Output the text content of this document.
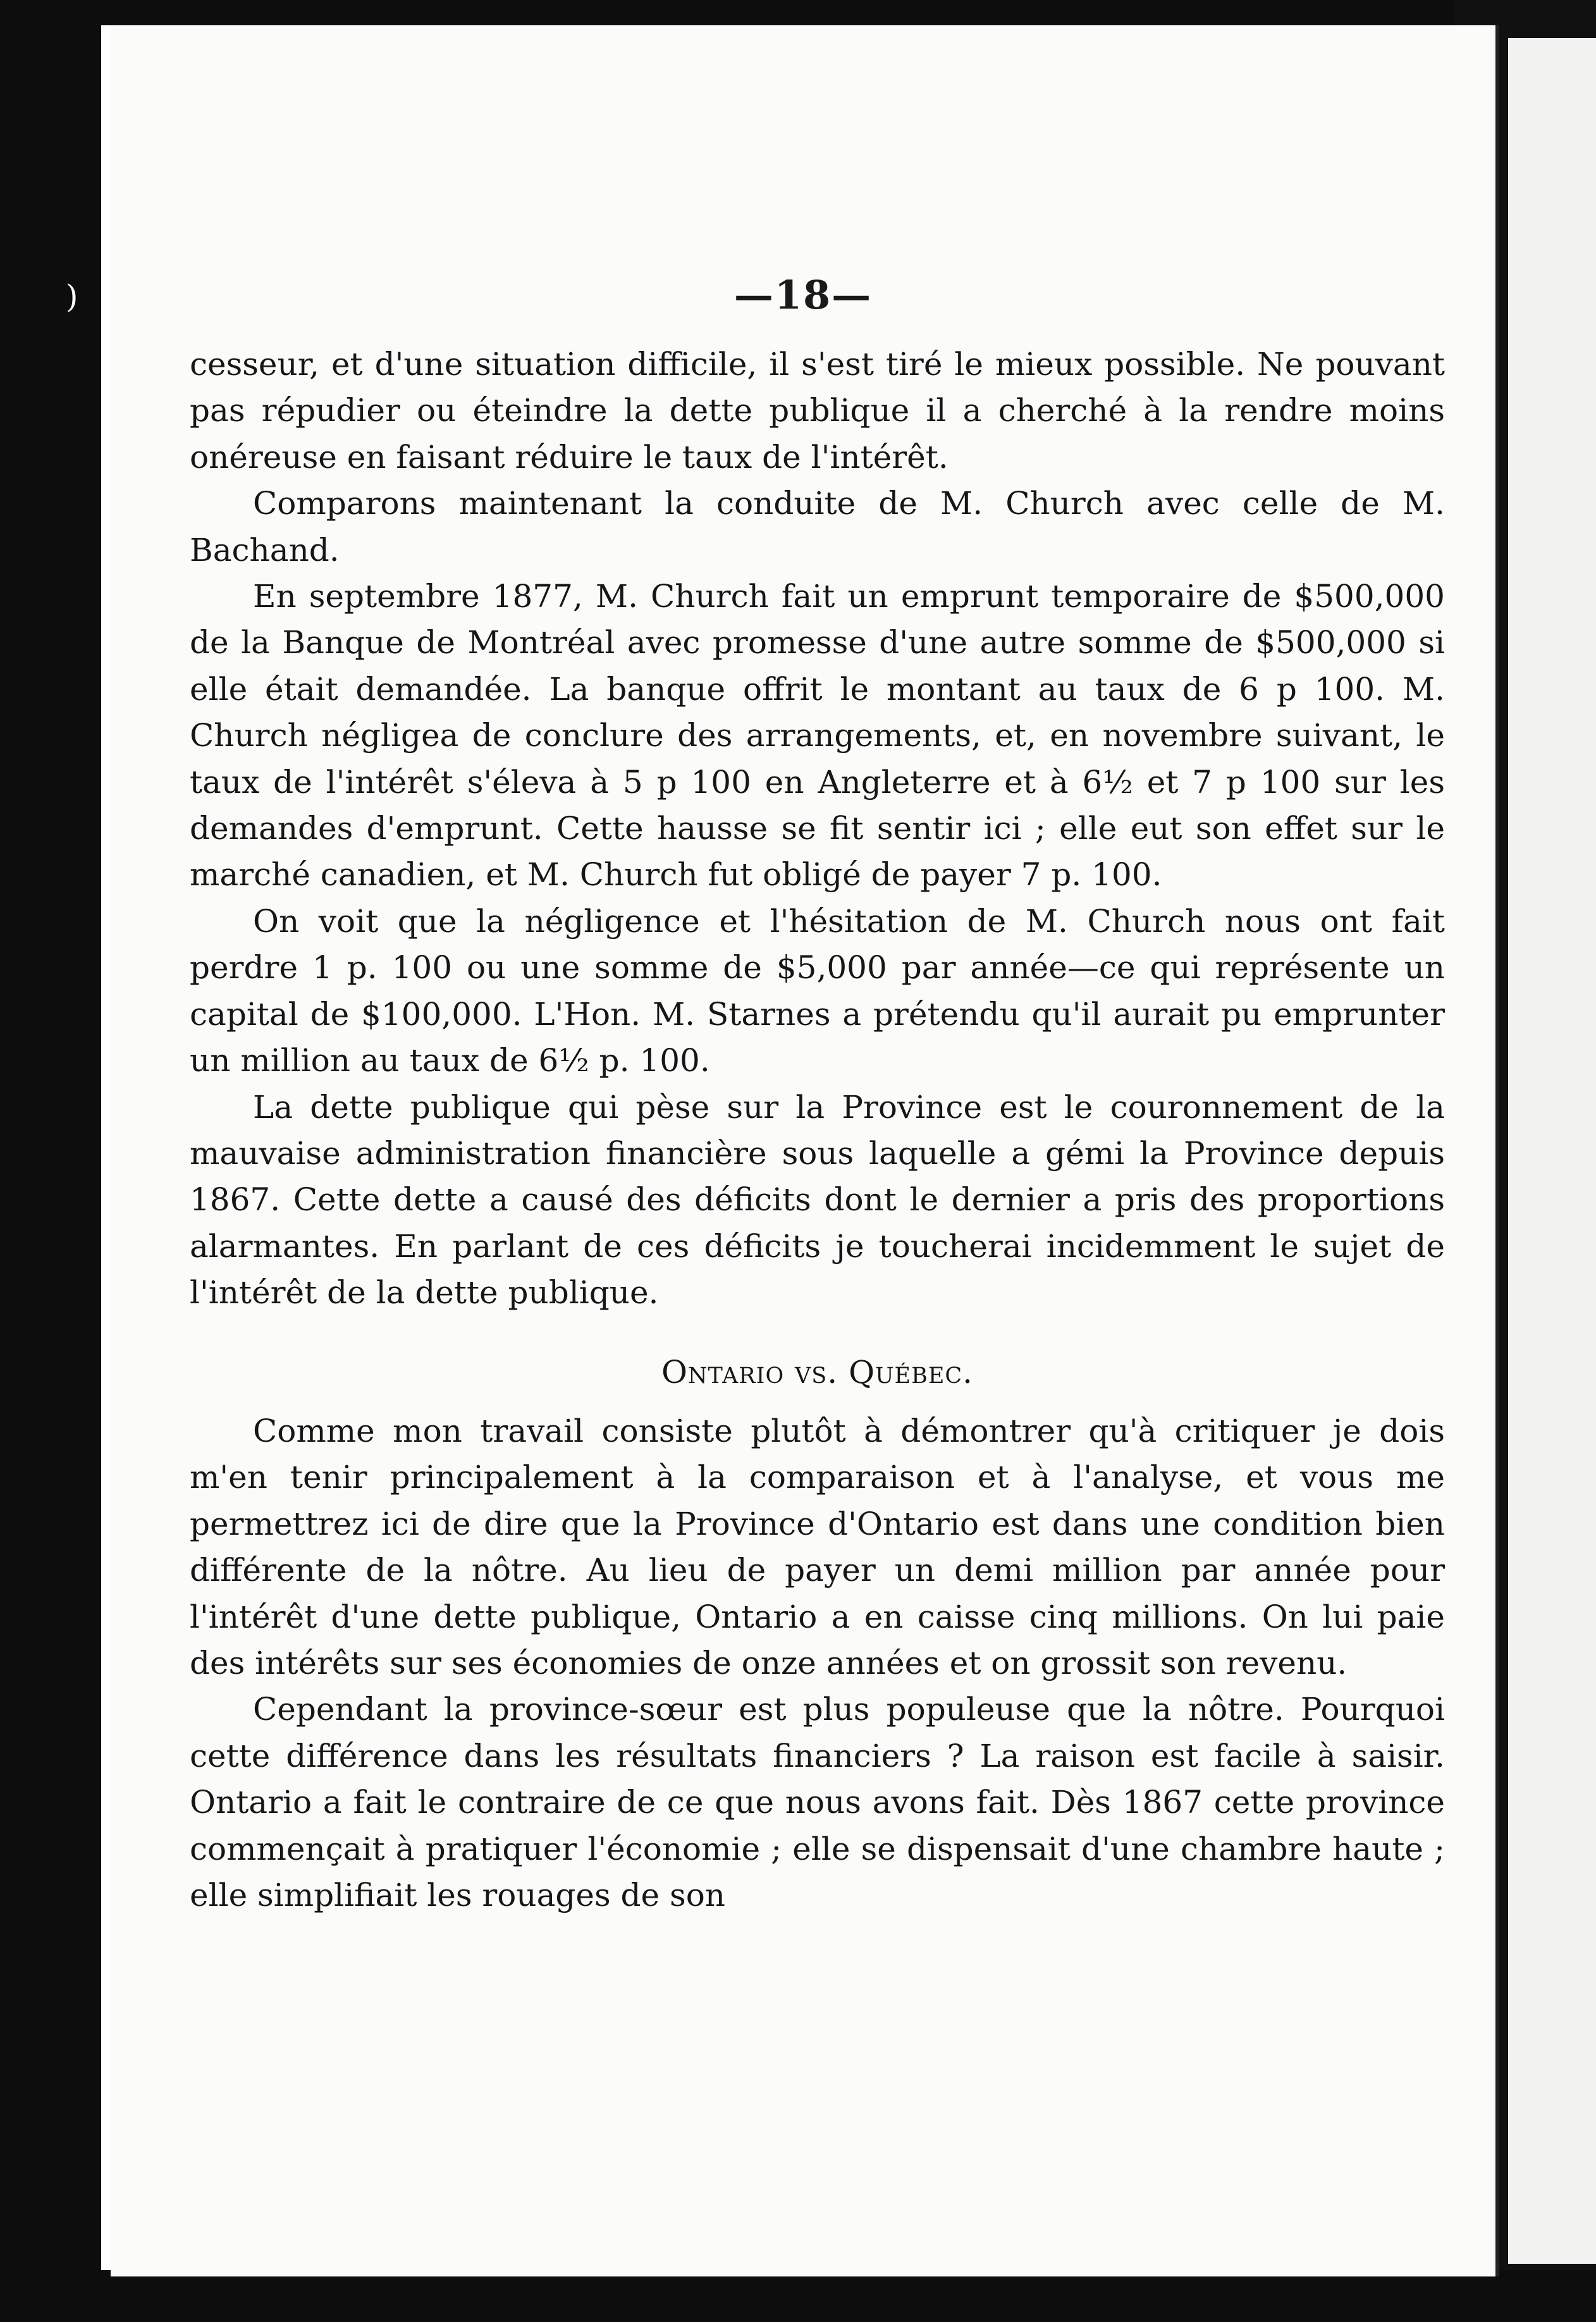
)	—18—

cesseur, et d'une situation difficile, il s'est tiré le mieux possible. Ne pouvant pas répudier ou éteindre la dette publique il a cherché à la rendre moins onéreuse en faisant réduire le taux de l'intérêt.

Comparons maintenant la conduite de M. Church avec celle de M. Bachand.

En septembre 1877, M. Church fait un emprunt temporaire de $500,000 de la Banque de Montréal avec promesse d'une autre somme de $500,000 si elle était demandée. La banque offrit le montant au taux de 6 p 100. M. Church négligea de conclure des arrangements, et, en novembre suivant, le taux de l'intérêt s'éleva à 5 p 100 en Angleterre et à 6½ et 7 p 100 sur les demandes d'emprunt. Cette hausse se fit sentir ici ; elle eut son effet sur le marché canadien, et M. Church fut obligé de payer 7 p. 100.

On voit que la négligence et l'hésitation de M. Church nous ont fait perdre 1 p. 100 ou une somme de $5,000 par année—ce qui représente un capital de $100,000. L'Hon. M. Starnes a prétendu qu'il aurait pu emprunter un million au taux de 6½ p. 100.

La dette publique qui pèse sur la Province est le couronnement de la mauvaise administration financière sous laquelle a gémi la Province depuis 1867. Cette dette a causé des déficits dont le dernier a pris des proportions alarmantes. En parlant de ces déficits je toucherai incidemment le sujet de l'intérêt de la dette publique.

Ontario vs. Québec.

Comme mon travail consiste plutôt à démontrer qu'à critiquer je dois m'en tenir principalement à la comparaison et à l'analyse, et vous me permettrez ici de dire que la Province d'Ontario est dans une condition bien différente de la nôtre. Au lieu de payer un demi million par année pour l'intérêt d'une dette publique, Ontario a en caisse cinq millions. On lui paie des intérêts sur ses économies de onze années et on grossit son revenu.

Cependant la province-sœur est plus populeuse que la nôtre. Pourquoi cette différence dans les résultats financiers ? La raison est facile à saisir. Ontario a fait le contraire de ce que nous avons fait. Dès 1867 cette province commençait à pratiquer l'économie ; elle se dispensait d'une chambre haute ; elle simplifiait les rouages de son
